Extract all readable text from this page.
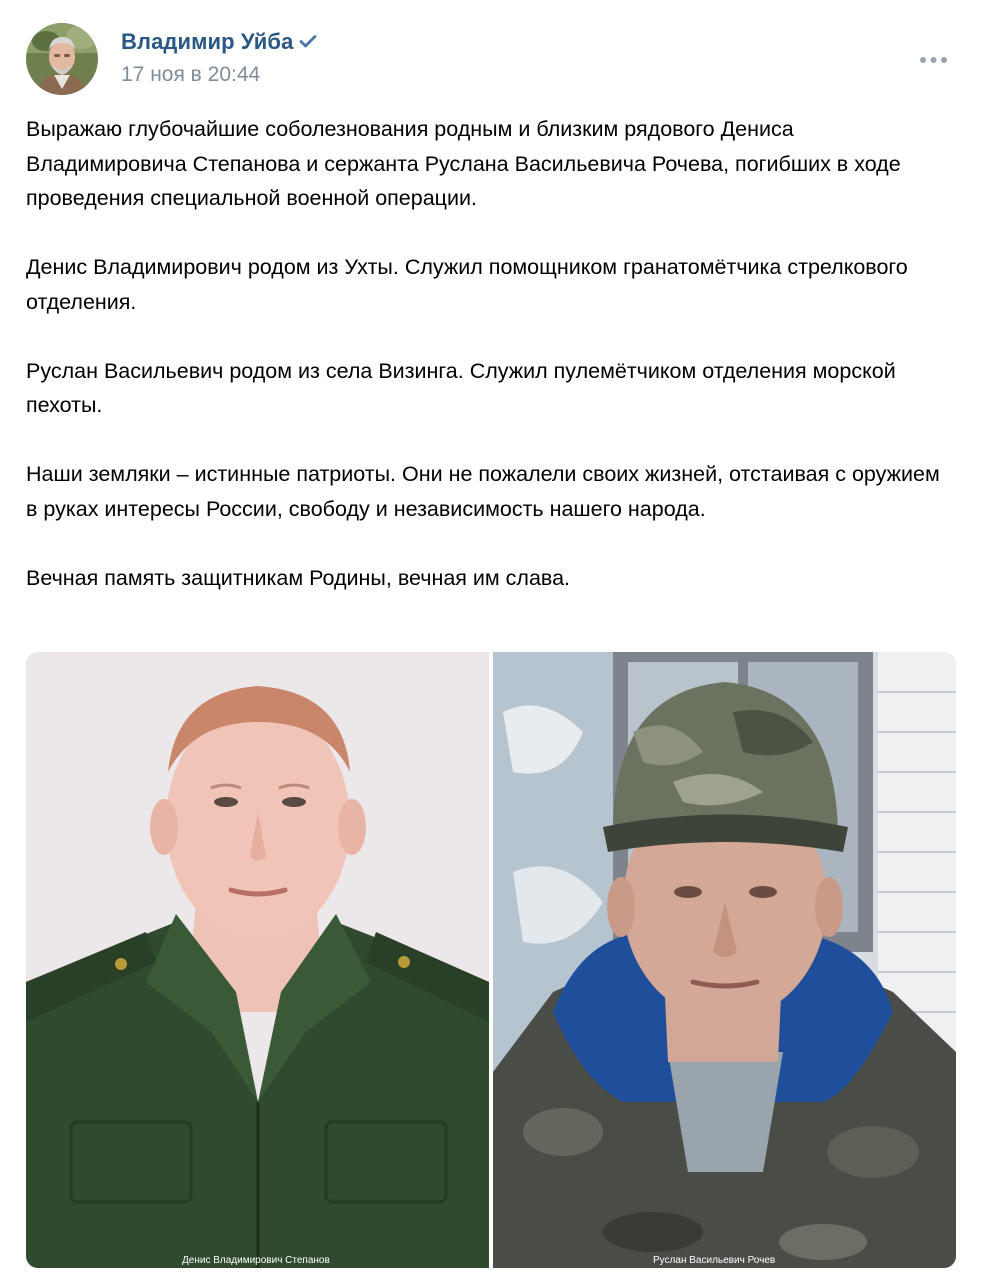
Владимир Уйба
17 ноя в 20:44

Выражаю глубочайшие соболезнования родным и близким рядового Дениса Владимировича Степанова и сержанта Руслана Васильевича Рочева, погибших в ходе проведения специальной военной операции.

Денис Владимирович родом из Ухты. Служил помощником гранатомётчика стрелкового отделения.

Руслан Васильевич родом из села Визинга. Служил пулемётчиком отделения морской пехоты.

Наши земляки – истинные патриоты. Они не пожалели своих жизней, отстаивая с оружием в руках интересы России, свободу и независимость нашего народа.

Вечная память защитникам Родины, вечная им слава.

Денис Владимирович Степанов	Руслан Васильевич Рочев
